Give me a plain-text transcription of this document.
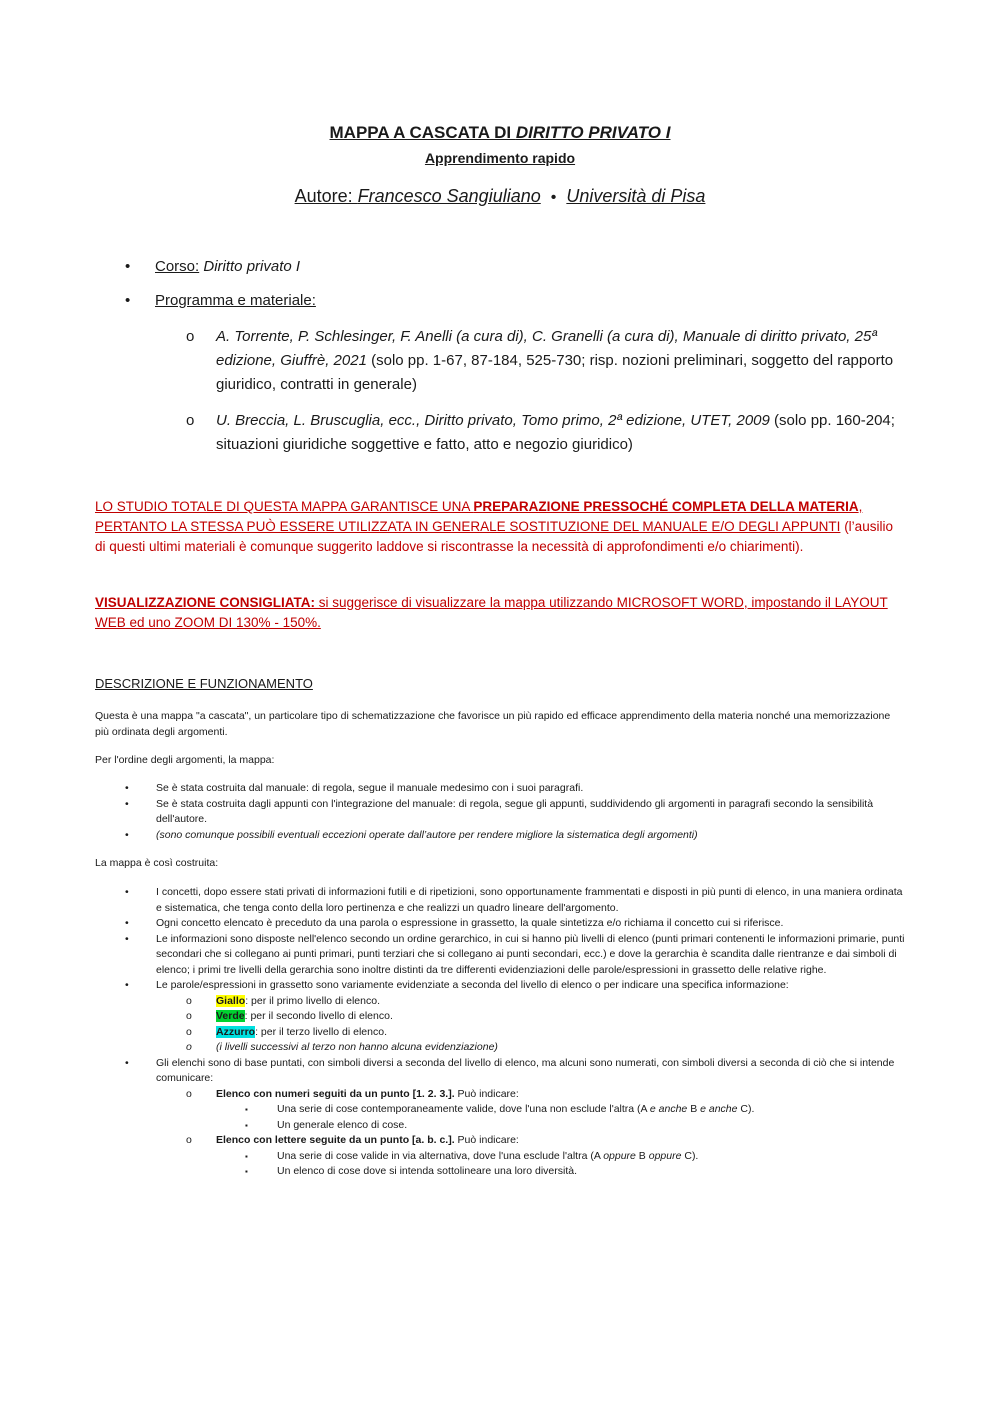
MAPPA A CASCATA DI DIRITTO PRIVATO I
Apprendimento rapido
Autore: Francesco Sangiuliano • Università di Pisa
• Corso: Diritto privato I
• Programma e materiale:
o A. Torrente, P. Schlesinger, F. Anelli (a cura di), C. Granelli (a cura di), Manuale di diritto privato, 25ª edizione, Giuffrè, 2021 (solo pp. 1-67, 87-184, 525-730; risp. nozioni preliminari, soggetto del rapporto giuridico, contratti in generale)
o U. Breccia, L. Bruscuglia, ecc., Diritto privato, Tomo primo, 2ª edizione, UTET, 2009 (solo pp. 160-204; situazioni giuridiche soggettive e fatto, atto e negozio giuridico)
LO STUDIO TOTALE DI QUESTA MAPPA GARANTISCE UNA PREPARAZIONE PRESSOCHÉ COMPLETA DELLA MATERIA, PERTANTO LA STESSA PUÒ ESSERE UTILIZZATA IN GENERALE SOSTITUZIONE DEL MANUALE E/O DEGLI APPUNTI (l’ausilio di questi ultimi materiali è comunque suggerito laddove si riscontrasse la necessità di approfondimenti e/o chiarimenti).
VISUALIZZAZIONE CONSIGLIATA: si suggerisce di visualizzare la mappa utilizzando MICROSOFT WORD, impostando il LAYOUT WEB ed uno ZOOM DI 130% - 150%.
DESCRIZIONE E FUNZIONAMENTO
Questa è una mappa "a cascata", un particolare tipo di schematizzazione che favorisce un più rapido ed efficace apprendimento della materia nonché una memorizzazione più ordinata degli argomenti.
Per l'ordine degli argomenti, la mappa:
•	Se è stata costruita dal manuale: di regola, segue il manuale medesimo con i suoi paragrafi.
•	Se è stata costruita dagli appunti con l'integrazione del manuale: di regola, segue gli appunti, suddividendo gli argomenti in paragrafi secondo la sensibilità dell'autore.
•	(sono comunque possibili eventuali eccezioni operate dall’autore per rendere migliore la sistematica degli argomenti)
La mappa è così costruita:
•	I concetti, dopo essere stati privati di informazioni futili e di ripetizioni, sono opportunamente frammentati e disposti in più punti di elenco, in una maniera ordinata e sistematica, che tenga conto della loro pertinenza e che realizzi un quadro lineare dell'argomento.
•	Ogni concetto elencato è preceduto da una parola o espressione in grassetto, la quale sintetizza e/o richiama il concetto cui si riferisce.
•	Le informazioni sono disposte nell'elenco secondo un ordine gerarchico, in cui si hanno più livelli di elenco (punti primari contenenti le informazioni primarie, punti secondari che si collegano ai punti primari, punti terziari che si collegano ai punti secondari, ecc.) e dove la gerarchia è scandita dalle rientranze e dai simboli di elenco; i primi tre livelli della gerarchia sono inoltre distinti da tre differenti evidenziazioni delle parole/espressioni in grassetto delle relative righe.
•	Le parole/espressioni in grassetto sono variamente evidenziate a seconda del livello di elenco o per indicare una specifica informazione:
o Giallo: per il primo livello di elenco.
o Verde: per il secondo livello di elenco.
o Azzurro: per il terzo livello di elenco.
o (i livelli successivi al terzo non hanno alcuna evidenziazione)
•	Gli elenchi sono di base puntati, con simboli diversi a seconda del livello di elenco, ma alcuni sono numerati, con simboli diversi a seconda di ciò che si intende comunicare:
o Elenco con numeri seguiti da un punto [1. 2. 3.]. Può indicare:
▪	Una serie di cose contemporaneamente valide, dove l'una non esclude l'altra (A e anche B e anche C).
▪	Un generale elenco di cose.
o Elenco con lettere seguite da un punto [a. b. c.]. Può indicare:
▪	Una serie di cose valide in via alternativa, dove l'una esclude l'altra (A oppure B oppure C).
▪	Un elenco di cose dove si intenda sottolineare una loro diversità.
